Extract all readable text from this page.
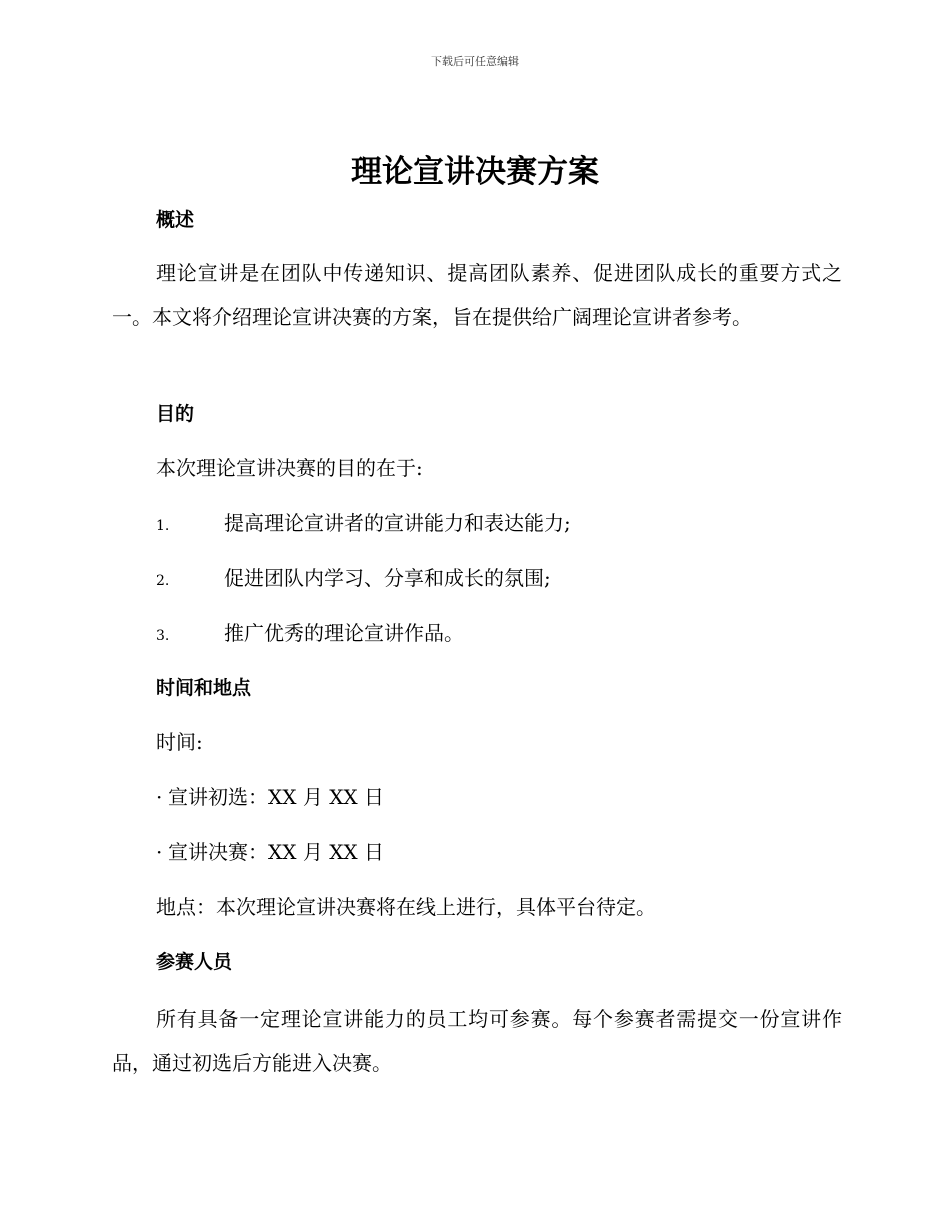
下载后可任意编辑
理论宣讲决赛方案
概述

理论宣讲是在团队中传递知识、提高团队素养、促进团队成长的重要方式之一。本文将介绍理论宣讲决赛的方案，旨在提供给广阔理论宣讲者参考。

目的

本次理论宣讲决赛的目的在于:

1.	提高理论宣讲者的宣讲能力和表达能力;
2.	促进团队内学习、分享和成长的氛围;
3.	推广优秀的理论宣讲作品。
时间和地点

时间:

· 宣讲初选：XX 月 XX 日
· 宣讲决赛：XX 月 XX 日

地点：本次理论宣讲决赛将在线上进行，具体平台待定。

参赛人员

所有具备一定理论宣讲能力的员工均可参赛。每个参赛者需提交一份宣讲作品，通过初选后方能进入决赛。
